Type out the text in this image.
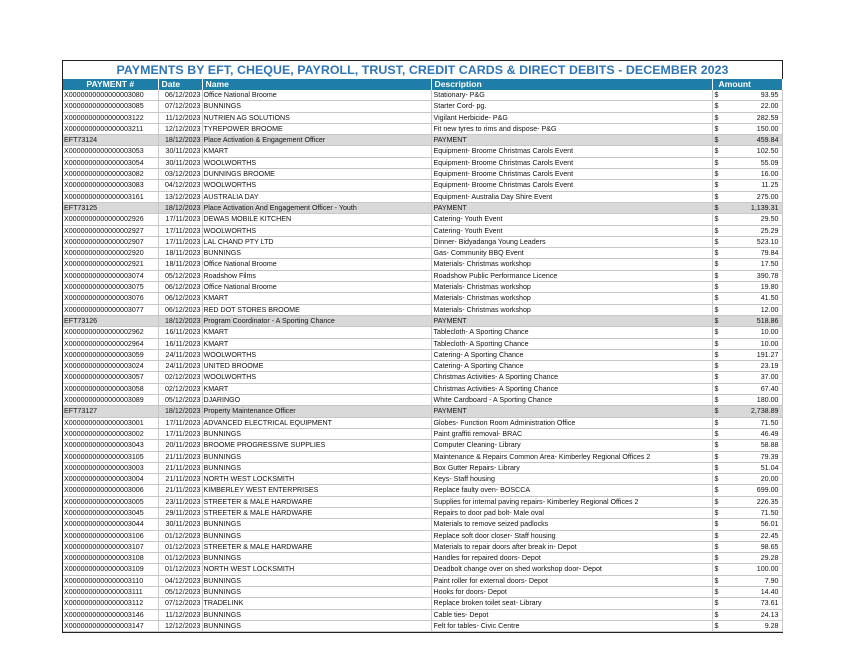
PAYMENTS BY EFT, CHEQUE, PAYROLL, TRUST, CREDIT CARDS & DIRECT DEBITS - DECEMBER 2023
PAYMENT #	Date	Name	Description	Amount	
X0000000000000003080	06/12/2023	Office National Broome	Stationary- P&G	$	93.95
X0000000000000003085	07/12/2023	BUNNINGS	Starter Cord- pg.	$	22.00
X0000000000000003122	11/12/2023	NUTRIEN AG SOLUTIONS	Vigilant Herbicide- P&G	$	282.59
X0000000000000003211	12/12/2023	TYREPOWER BROOME	Fit new tyres to rims and dispose- P&G	$	150.00
EFT73124	18/12/2023	Place Activation & Engagement Officer	PAYMENT	$	459.84
X0000000000000003053	30/11/2023	KMART	Equipment- Broome Christmas Carols Event	$	102.50
X0000000000000003054	30/11/2023	WOOLWORTHS	Equipment- Broome Christmas Carols Event	$	55.09
X0000000000000003082	03/12/2023	DUNNINGS BROOME	Equipment- Broome Christmas Carols Event	$	16.00
X0000000000000003083	04/12/2023	WOOLWORTHS	Equipment- Broome Christmas Carols Event	$	11.25
X0000000000000003161	13/12/2023	AUSTRALIA DAY	Equipment- Australia Day Shire Event	$	275.00
EFT73125	18/12/2023	Place Activation And Engagement Officer - Youth	PAYMENT	$	1,139.31
X0000000000000002926	17/11/2023	DEWAS MOBILE KITCHEN	Catering- Youth Event	$	29.50
X0000000000000002927	17/11/2023	WOOLWORTHS	Catering- Youth Event	$	25.29
X0000000000000002907	17/11/2023	LAL CHAND PTY LTD	Dinner- Bidyadanga Young Leaders	$	523.10
X0000000000000002920	18/11/2023	BUNNINGS	Gas- Community BBQ Event	$	79.84
X0000000000000002921	18/11/2023	Office National Broome	Materials- Christmas workshop	$	17.50
X0000000000000003074	05/12/2023	Roadshow Films	Roadshow Public Performance Licence	$	390.78
X0000000000000003075	06/12/2023	Office National Broome	Materials- Christmas workshop	$	19.80
X0000000000000003076	06/12/2023	KMART	Materials- Christmas workshop	$	41.50
X0000000000000003077	06/12/2023	RED DOT STORES BROOME	Materials- Christmas workshop	$	12.00
EFT73126	18/12/2023	Program Coordinator - A Sporting Chance	PAYMENT	$	518.86
X0000000000000002962	16/11/2023	KMART	Tablecloth- A Sporting Chance	$	10.00
X0000000000000002964	16/11/2023	KMART	Tablecloth- A Sporting Chance	$	10.00
X0000000000000003059	24/11/2023	WOOLWORTHS	Catering- A Sporting Chance	$	191.27
X0000000000000003024	24/11/2023	UNITED BROOME	Catering- A Sporting Chance	$	23.19
X0000000000000003057	02/12/2023	WOOLWORTHS	Christmas Activities- A Sporting Chance	$	37.00
X0000000000000003058	02/12/2023	KMART	Christmas Activities- A Sporting Chance	$	67.40
X0000000000000003089	05/12/2023	DJARINGO	White Cardboard - A Sporting Chance	$	180.00
EFT73127	18/12/2023	Property Maintenance Officer	PAYMENT	$	2,738.89
X0000000000000003001	17/11/2023	ADVANCED ELECTRICAL EQUIPMENT	Globes- Function Room Administration Office	$	71.50
X0000000000000003002	17/11/2023	BUNNINGS	Paint graffiti removal- BRAC	$	46.49
X0000000000000003043	20/11/2023	BROOME PROGRESSIVE SUPPLIES	Computer Cleaning- Library	$	58.88
X0000000000000003105	21/11/2023	BUNNINGS	Maintenance & Repairs Common Area- Kimberley Regional Offices 2	$	79.39
X0000000000000003003	21/11/2023	BUNNINGS	Box Gutter Repairs- Library	$	51.04
X0000000000000003004	21/11/2023	NORTH WEST LOCKSMITH	Keys- Staff housing	$	20.00
X0000000000000003006	21/11/2023	KIMBERLEY WEST ENTERPRISES	Replace faulty oven- BOSCCA	$	699.00
X0000000000000003005	23/11/2023	STREETER & MALE HARDWARE	Supplies for internal paving repairs- Kimberley Regional Offices 2	$	226.35
X0000000000000003045	29/11/2023	STREETER & MALE HARDWARE	Repairs to door pad bolt- Male oval	$	71.50
X0000000000000003044	30/11/2023	BUNNINGS	Materials to remove seized padlocks	$	56.01
X0000000000000003106	01/12/2023	BUNNINGS	Replace soft door closer- Staff housing	$	22.45
X0000000000000003107	01/12/2023	STREETER & MALE HARDWARE	Materials to repair doors after break in- Depot	$	98.65
X0000000000000003108	01/12/2023	BUNNINGS	Handles for repaired doors- Depot	$	29.28
X0000000000000003109	01/12/2023	NORTH WEST LOCKSMITH	Deadbolt change over on shed workshop door- Depot	$	100.00
X0000000000000003110	04/12/2023	BUNNINGS	Paint roller for external doors- Depot	$	7.90
X0000000000000003111	05/12/2023	BUNNINGS	Hooks for doors- Depot	$	14.40
X0000000000000003112	07/12/2023	TRADELINK	Replace broken toilet seat- Library	$	73.61
X0000000000000003146	11/12/2023	BUNNINGS	Cable ties- Depot	$	24.13
X0000000000000003147	12/12/2023	BUNNINGS	Felt for tables- Civic Centre	$	9.28
